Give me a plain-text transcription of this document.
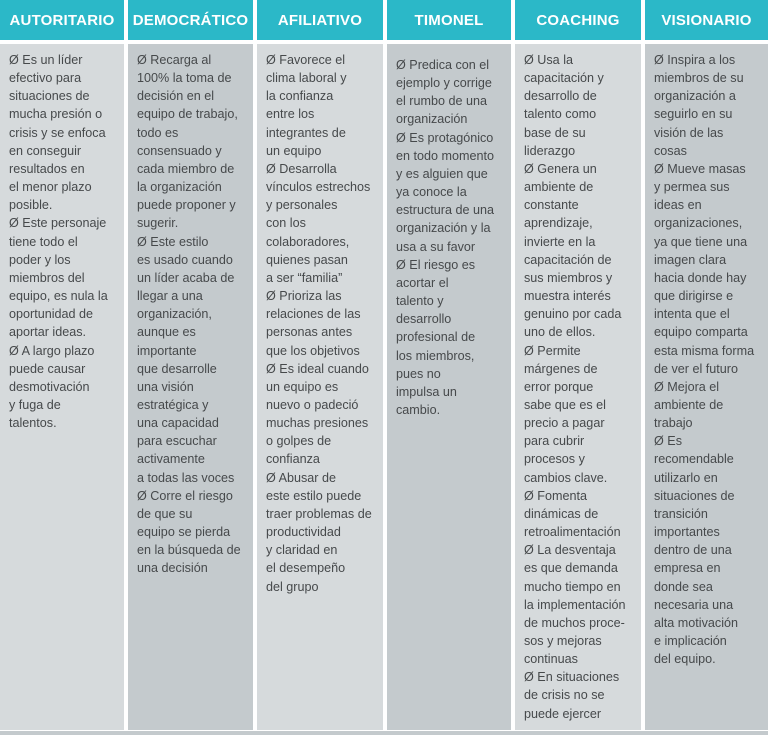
AUTORITARIO

Ø Es un líder
efectivo para
situaciones de
mucha presión o
crisis y se enfoca
en conseguir
resultados en
el menor plazo
posible.
Ø Este personaje
tiene todo el
poder y los
miembros del
equipo, es nula la
oportunidad de
aportar ideas.
Ø A largo plazo
puede causar
desmotivación
y fuga de
talentos.

DEMOCRÁTICO

Ø Recarga al
100% la toma de
decisión en el
equipo de trabajo,
todo es
consensuado y
cada miembro de
la organización
puede proponer y
sugerir.
Ø Este estilo
es usado cuando
un líder acaba de
llegar a una
organización,
aunque es
importante
que desarrolle
una visión
estratégica y
una capacidad
para escuchar
activamente
a todas las voces
Ø Corre el riesgo
de que su
equipo se pierda
en la búsqueda de
una decisión

AFILIATIVO

Ø Favorece el
clima laboral y
la confianza
entre los
integrantes de
un equipo
Ø Desarrolla
vínculos estrechos
y personales
con los
colaboradores,
quienes pasan
a ser “familia”
Ø Prioriza las
relaciones de las
personas antes
que los objetivos
Ø Es ideal cuando
un equipo es
nuevo o padeció
muchas presiones
o golpes de
confianza
Ø Abusar de
este estilo puede
traer problemas de
productividad
y claridad en
el desempeño
del grupo

TIMONEL

Ø Predica con el
ejemplo y corrige
el rumbo de una
organización
Ø Es protagónico
en todo momento
y es alguien que
ya conoce la
estructura de una
organización y la
usa a su favor
Ø El riesgo es
acortar el
talento y
desarrollo
profesional de
los miembros,
pues no
impulsa un
cambio.

COACHING

Ø Usa la
capacitación y
desarrollo de
talento como
base de su
liderazgo
Ø Genera un
ambiente de
constante
aprendizaje,
invierte en la
capacitación de
sus miembros y
muestra interés
genuino por cada
uno de ellos.
Ø Permite
márgenes de
error porque
sabe que es el
precio a pagar
para cubrir
procesos y
cambios clave.
Ø Fomenta
dinámicas de
retroalimentación
Ø La desventaja
es que demanda
mucho tiempo en
la implementación
de muchos proce-
sos y mejoras
continuas
Ø En situaciones
de crisis no se
puede ejercer

VISIONARIO

Ø Inspira a los
miembros de su
organización a
seguirlo en su
visión de las
cosas
Ø Mueve masas
y permea sus
ideas en
organizaciones,
ya que tiene una
imagen clara
hacia donde hay
que dirigirse e
intenta que el
equipo comparta
esta misma forma
de ver el futuro
Ø Mejora el
ambiente de
trabajo
Ø Es
recomendable
utilizarlo en
situaciones de
transición
importantes
dentro de una
empresa en
donde sea
necesaria una
alta motivación
e implicación
del equipo.
